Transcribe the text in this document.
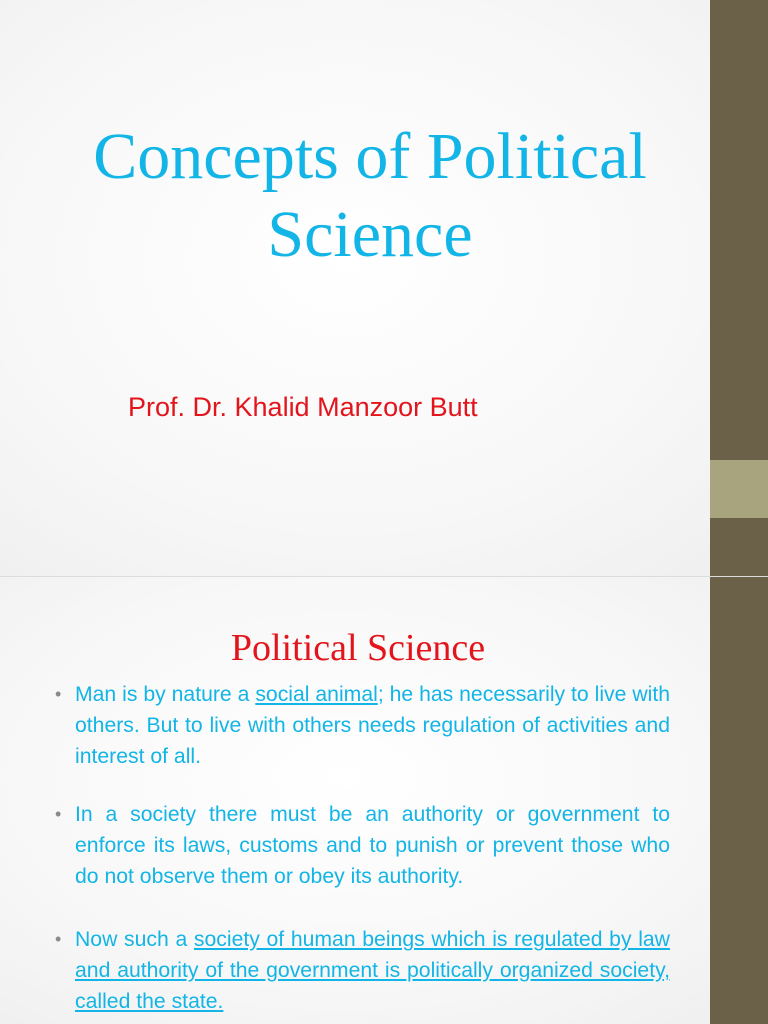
Concepts of Political Science

Prof. Dr. Khalid Manzoor Butt

Political Science
• Man is by nature a social animal; he has necessarily to live with others. But to live with others needs regulation of activities and interest of all.
• In a society there must be an authority or government to enforce its laws, customs and to punish or prevent those who do not observe them or obey its authority.
• Now such a society of human beings which is regulated by law and authority of the government is politically organized society, called the state.
